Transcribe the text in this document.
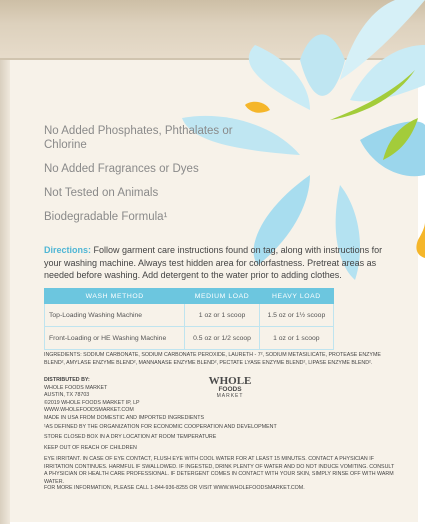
No Added Phosphates, Phthalates or Chlorine
No Added Fragrances or Dyes
Not Tested on Animals
Biodegradable Formula¹
Directions: Follow garment care instructions found on tag, along with instructions for your washing machine. Always test hidden area for colorfastness. Pretreat areas as needed before washing. Add detergent to the water prior to adding clothes.
WASH METHOD	MEDIUM LOAD	HEAVY LOAD
Top-Loading Washing Machine	1 oz or 1 scoop	1.5 oz or 1½ scoop
Front-Loading or HE Washing Machine	0.5 oz or 1/2 scoop	1 oz or 1 scoop
INGREDIENTS: SODIUM CARBONATE, SODIUM CARBONATE PEROXIDE, LAURETH - 7², SODIUM METASILICATE, PROTEASE ENZYME BLEND², AMYLASE ENZYME BLEND², MANNANASE ENZYME BLEND², PECTATE LYASE ENZYME BLEND², LIPASE ENZYME BLEND².
DISTRIBUTED BY:
WHOLE FOODS MARKET
AUSTIN, TX 78703
©2019 WHOLE FOODS MARKET IP, LP
WWW.WHOLEFOODSMARKET.COM
WHOLE
FOODS
MARKET
MADE IN USA FROM DOMESTIC AND IMPORTED INGREDIENTS
¹AS DEFINED BY THE ORGANIZATION FOR ECONOMIC COOPERATION AND DEVELOPMENT
STORE CLOSED BOX IN A DRY LOCATION AT ROOM TEMPERATURE
KEEP OUT OF REACH OF CHILDREN
EYE IRRITANT. IN CASE OF EYE CONTACT, FLUSH EYE WITH COOL WATER FOR AT LEAST 15 MINUTES. CONTACT A PHYSICIAN IF IRRITATION CONTINUES. HARMFUL IF SWALLOWED. IF INGESTED, DRINK PLENTY OF WATER AND DO NOT INDUCE VOMITING. CONSULT A PHYSICIAN OR HEALTH CARE PROFESSIONAL. IF DETERGENT COMES IN CONTACT WITH YOUR SKIN, SIMPLY RINSE OFF WITH WARM WATER.
FOR MORE INFORMATION, PLEASE CALL 1-844-936-8255 OR VISIT WWW.WHOLEFOODSMARKET.COM.
